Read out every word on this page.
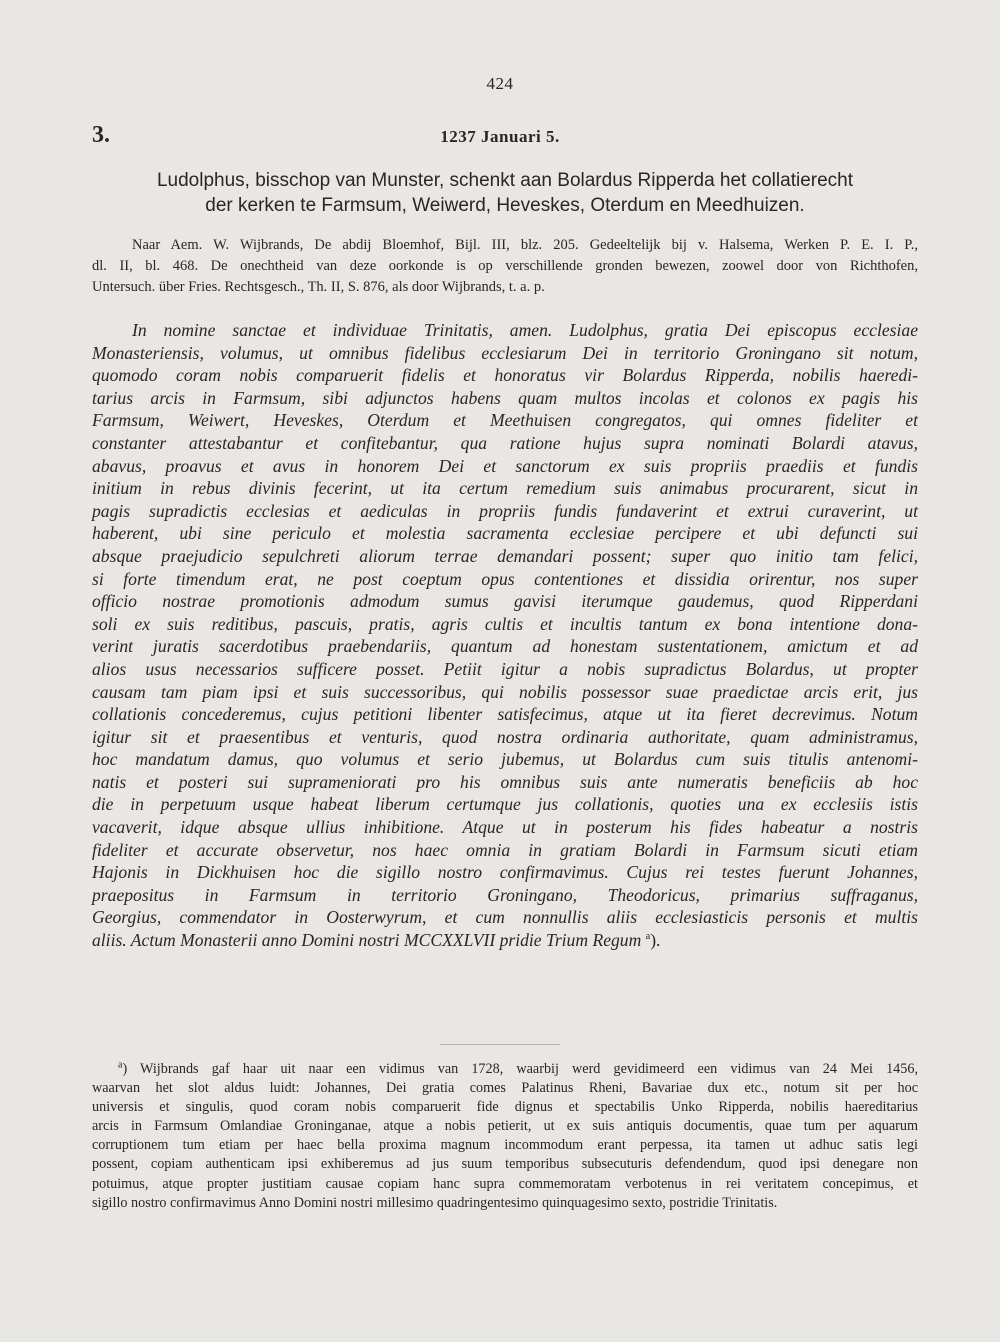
424
3.	1237 Januari 5.
Ludolphus, bisschop van Munster, schenkt aan Bolardus Ripperda het collatierecht
der kerken te Farmsum, Weiwerd, Heveskes, Oterdum en Meedhuizen.
Naar Aem. W. Wijbrands, De abdij Bloemhof, Bijl. III, blz. 205. Gedeeltelijk bij v. Halsema, Werken P. E. I. P.,
dl. II, bl. 468. De onechtheid van deze oorkonde is op verschillende gronden bewezen, zoowel door von Richthofen,
Untersuch. über Fries. Rechtsgesch., Th. II, S. 876, als door Wijbrands, t. a. p.
In nomine sanctae et individuae Trinitatis, amen. Ludolphus, gratia Dei episcopus ecclesiae
Monasteriensis, volumus, ut omnibus fidelibus ecclesiarum Dei in territorio Groningano sit notum,
quomodo coram nobis comparuerit fidelis et honoratus vir Bolardus Ripperda, nobilis haeredi-
tarius arcis in Farmsum, sibi adjunctos habens quam multos incolas et colonos ex pagis his
Farmsum, Weiwert, Heveskes, Oterdum et Meethuisen congregatos, qui omnes fideliter et
constanter attestabantur et confitebantur, qua ratione hujus supra nominati Bolardi atavus,
abavus, proavus et avus in honorem Dei et sanctorum ex suis propriis praediis et fundis
initium in rebus divinis fecerint, ut ita certum remedium suis animabus procurarent, sicut in
pagis supradictis ecclesias et aediculas in propriis fundis fundaverint et extrui curaverint, ut
haberent, ubi sine periculo et molestia sacramenta ecclesiae percipere et ubi defuncti sui
absque praejudicio sepulchreti aliorum terrae demandari possent; super quo initio tam felici,
si forte timendum erat, ne post coeptum opus contentiones et dissidia orirentur, nos super
officio nostrae promotionis admodum sumus gavisi iterumque gaudemus, quod Ripperdani
soli ex suis reditibus, pascuis, pratis, agris cultis et incultis tantum ex bona intentione dona-
verint juratis sacerdotibus praebendariis, quantum ad honestam sustentationem, amictum et ad
alios usus necessarios sufficere posset. Petiit igitur a nobis supradictus Bolardus, ut propter
causam tam piam ipsi et suis successoribus, qui nobilis possessor suae praedictae arcis erit, jus
collationis concederemus, cujus petitioni libenter satisfecimus, atque ut ita fieret decrevimus. Notum
igitur sit et praesentibus et venturis, quod nostra ordinaria authoritate, quam administramus,
hoc mandatum damus, quo volumus et serio jubemus, ut Bolardus cum suis titulis antenomi-
natis et posteri sui suprameniorati pro his omnibus suis ante numeratis beneficiis ab hoc
die in perpetuum usque habeat liberum certumque jus collationis, quoties una ex ecclesiis istis
vacaverit, idque absque ullius inhibitione. Atque ut in posterum his fides habeatur a nostris
fideliter et accurate observetur, nos haec omnia in gratiam Bolardi in Farmsum sicuti etiam
Hajonis in Dickhuisen hoc die sigillo nostro confirmavimus. Cujus rei testes fuerunt Johannes,
praepositus in Farmsum in territorio Groningano, Theodoricus, primarius suffraganus,
Georgius, commendator in Oosterwyrum, et cum nonnullis aliis ecclesiasticis personis et multis
aliis. Actum Monasterii anno Domini nostri MCCXXLVII pridie Trium Regum $^a$).
$^a$) Wijbrands gaf haar uit naar een vidimus van 1728, waarbij werd gevidimeerd een vidimus van 24 Mei 1456,
waarvan het slot aldus luidt: Johannes, Dei gratia comes Palatinus Rheni, Bavariae dux etc., notum sit per hoc
universis et singulis, quod coram nobis comparuerit fide dignus et spectabilis Unko Ripperda, nobilis haereditarius
arcis in Farmsum Omlandiae Groninganae, atque a nobis petierit, ut ex suis antiquis documentis, quae tum per aquarum
corruptionem tum etiam per haec bella proxima magnum incommodum erant perpessa, ita tamen ut adhuc satis legi
possent, copiam authenticam ipsi exhiberemus ad jus suum temporibus subsecuturis defendendum, quod ipsi denegare non
potuimus, atque propter justitiam causae copiam hanc supra commemoratam verbotenus in rei veritatem concepimus, et
sigillo nostro confirmavimus Anno Domini nostri millesimo quadringentesimo quinquagesimo sexto, postridie Trinitatis.
